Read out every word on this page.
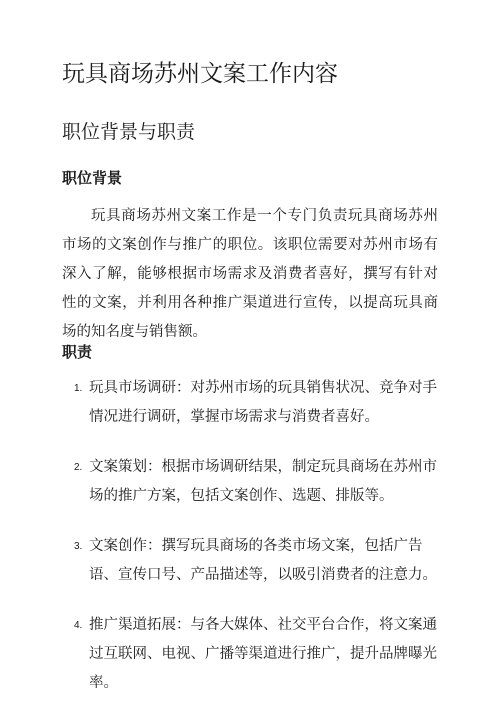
玩具商场苏州文案工作内容
职位背景与职责
职位背景

玩具商场苏州文案工作是一个专门负责玩具商场苏州市场的文案创作与推广的职位。该职位需要对苏州市场有深入了解，能够根据市场需求及消费者喜好，撰写有针对性的文案，并利用各种推广渠道进行宣传，以提高玩具商场的知名度与销售额。

职责
1. 玩具市场调研：对苏州市场的玩具销售状况、竞争对手情况进行调研，掌握市场需求与消费者喜好。
2. 文案策划：根据市场调研结果，制定玩具商场在苏州市场的推广方案，包括文案创作、选题、排版等。
3. 文案创作：撰写玩具商场的各类市场文案，包括广告语、宣传口号、产品描述等，以吸引消费者的注意力。
4. 推广渠道拓展：与各大媒体、社交平台合作，将文案通过互联网、电视、广播等渠道进行推广，提升品牌曝光率。
